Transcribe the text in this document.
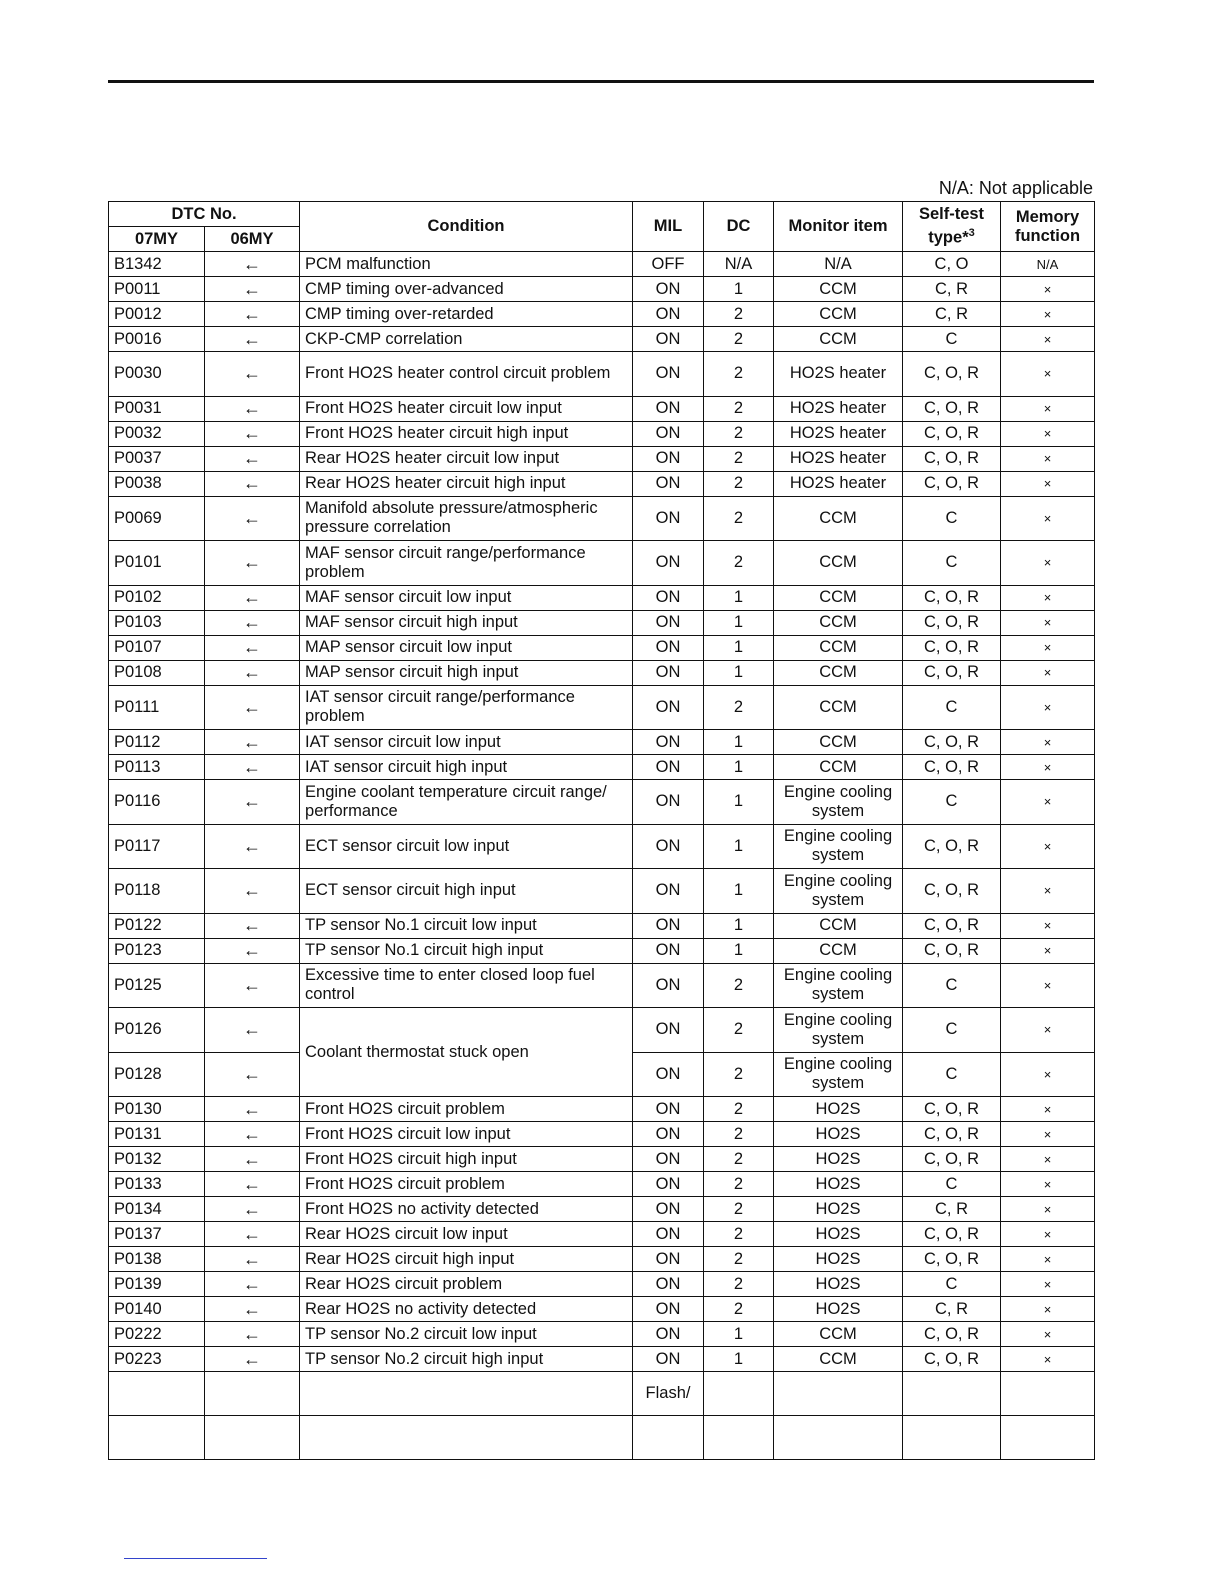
N/A: Not applicable
DTC No.		Condition	MIL	DC	Monitor item	Self-test type*$^3$	Memory function
07MY	06MY						
B1342	←	PCM malfunction	OFF	N/A	N/A	C, O	N/A
P0011	←	CMP timing over-advanced	ON	1	CCM	C, R	×
P0012	←	CMP timing over-retarded	ON	2	CCM	C, R	×
P0016	←	CKP-CMP correlation	ON	2	CCM	C	×
P0030	←	Front HO2S heater control circuit problem	ON	2	HO2S heater	C, O, R	×
P0031	←	Front HO2S heater circuit low input	ON	2	HO2S heater	C, O, R	×
P0032	←	Front HO2S heater circuit high input	ON	2	HO2S heater	C, O, R	×
P0037	←	Rear HO2S heater circuit low input	ON	2	HO2S heater	C, O, R	×
P0038	←	Rear HO2S heater circuit high input	ON	2	HO2S heater	C, O, R	×
P0069	←	Manifold absolute pressure/atmospheric pressure correlation	ON	2	CCM	C	×
P0101	←	MAF sensor circuit range/performance problem	ON	2	CCM	C	×
P0102	←	MAF sensor circuit low input	ON	1	CCM	C, O, R	×
P0103	←	MAF sensor circuit high input	ON	1	CCM	C, O, R	×
P0107	←	MAP sensor circuit low input	ON	1	CCM	C, O, R	×
P0108	←	MAP sensor circuit high input	ON	1	CCM	C, O, R	×
P0111	←	IAT sensor circuit range/performance problem	ON	2	CCM	C	×
P0112	←	IAT sensor circuit low input	ON	1	CCM	C, O, R	×
P0113	←	IAT sensor circuit high input	ON	1	CCM	C, O, R	×
P0116	←	Engine coolant temperature circuit range/ performance	ON	1	Engine cooling system	C	×
P0117	←	ECT sensor circuit low input	ON	1	Engine cooling system	C, O, R	×
P0118	←	ECT sensor circuit high input	ON	1	Engine cooling system	C, O, R	×
P0122	←	TP sensor No.1 circuit low input	ON	1	CCM	C, O, R	×
P0123	←	TP sensor No.1 circuit high input	ON	1	CCM	C, O, R	×
P0125	←	Excessive time to enter closed loop fuel control	ON	2	Engine cooling system	C	×
P0126	←	Coolant thermostat stuck open	ON	2	Engine cooling system	C	×
P0128	←		ON	2	Engine cooling system	C	×
P0130	←	Front HO2S circuit problem	ON	2	HO2S	C, O, R	×
P0131	←	Front HO2S circuit low input	ON	2	HO2S	C, O, R	×
P0132	←	Front HO2S circuit high input	ON	2	HO2S	C, O, R	×
P0133	←	Front HO2S circuit problem	ON	2	HO2S	C	×
P0134	←	Front HO2S no activity detected	ON	2	HO2S	C, R	×
P0137	←	Rear HO2S circuit low input	ON	2	HO2S	C, O, R	×
P0138	←	Rear HO2S circuit high input	ON	2	HO2S	C, O, R	×
P0139	←	Rear HO2S circuit problem	ON	2	HO2S	C	×
P0140	←	Rear HO2S no activity detected	ON	2	HO2S	C, R	×
P0222	←	TP sensor No.2 circuit low input	ON	1	CCM	C, O, R	×
P0223	←	TP sensor No.2 circuit high input	ON	1	CCM	C, O, R	×
			Flash/				
